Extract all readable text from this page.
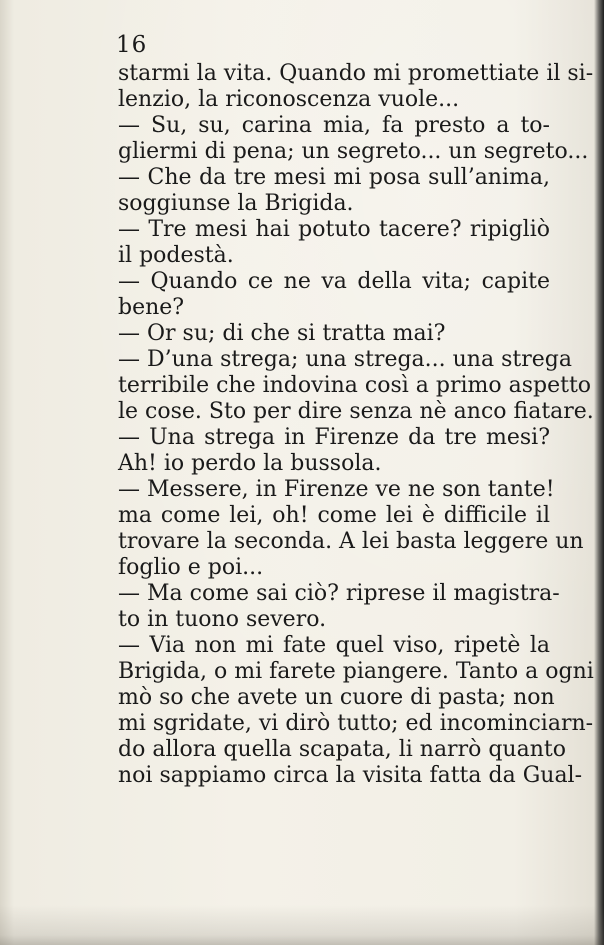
16
starmi la vita. Quando mi promettiate il si-
lenzio, la riconoscenza vuole...
— Su, su, carina mia, fa presto a to-
gliermi di pena; un segreto... un segreto...
— Che da tre mesi mi posa sull’anima,
soggiunse la Brigida.
— Tre mesi hai potuto tacere? ripigliò
il podestà.
— Quando ce ne va della vita; capite
bene?
— Or su; di che si tratta mai?
— D’una strega; una strega... una strega
terribile che indovina così a primo aspetto
le cose. Sto per dire senza nè anco fiatare.
— Una strega in Firenze da tre mesi?
Ah! io perdo la bussola.
— Messere, in Firenze ve ne son tante!
ma come lei, oh! come lei è difficile il
trovare la seconda. A lei basta leggere un
foglio e poi...
— Ma come sai ciò? riprese il magistra-
to in tuono severo.
— Via non mi fate quel viso, ripetè la
Brigida, o mi farete piangere. Tanto a ogni
mò so che avete un cuore di pasta; non
mi sgridate, vi dirò tutto; ed incominciarn-
do allora quella scapata, li narrò quanto
noi sappiamo circa la visita fatta da Gual-
